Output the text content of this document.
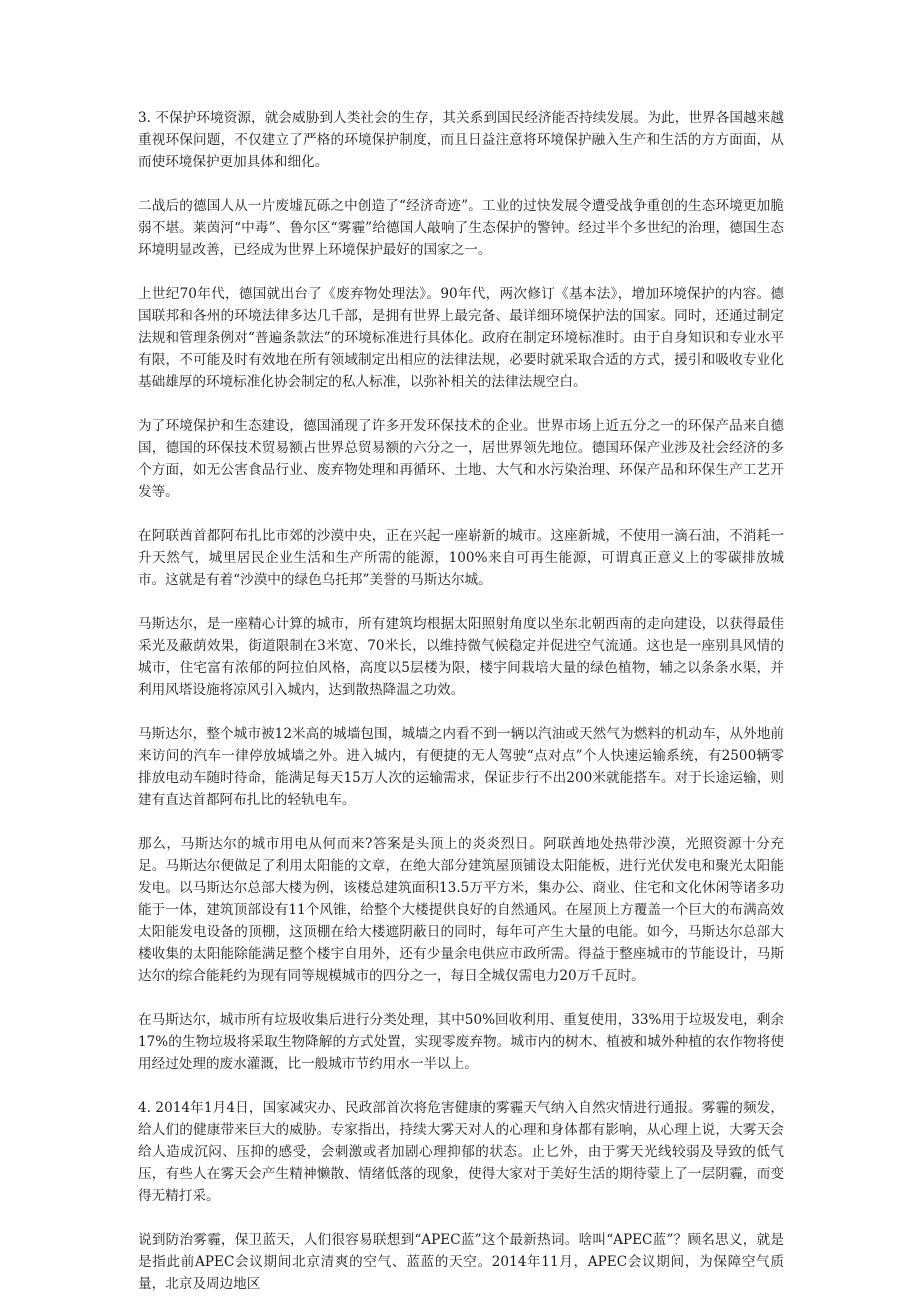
3. 不保护环境资源，就会威胁到人类社会的生存，其关系到国民经济能否持续发展。为此，世界各国越来越重视环保问题，不仅建立了严格的环境保护制度，而且日益注意将环境保护融入生产和生活的方方面面，从而使环境保护更加具体和细化。

二战后的德国人从一片废墟瓦砾之中创造了“经济奇迹”。工业的过快发展令遭受战争重创的生态环境更加脆弱不堪。莱茵河“中毒”、鲁尔区“雾霾”给德国人敲响了生态保护的警钟。经过半个多世纪的治理，德国生态环境明显改善，已经成为世界上环境保护最好的国家之一。

上世纪70年代，德国就出台了《废弃物处理法》。90年代，两次修订《基本法》，增加环境保护的内容。德国联邦和各州的环境法律多达几千部，是拥有世界上最完备、最详细环境保护法的国家。同时，还通过制定法规和管理条例对“普遍条款法”的环境标准进行具体化。政府在制定环境标准时。由于自身知识和专业水平有限，不可能及时有效地在所有领域制定出相应的法律法规，必要时就采取合适的方式，援引和吸收专业化基础雄厚的环境标准化协会制定的私人标准，以弥补相关的法律法规空白。

为了环境保护和生态建设，德国涌现了许多开发环保技术的企业。世界市场上近五分之一的环保产品来自德国，德国的环保技术贸易额占世界总贸易额的六分之一，居世界领先地位。德国环保产业涉及社会经济的多个方面，如无公害食品行业、废弃物处理和再循环、土地、大气和水污染治理、环保产品和环保生产工艺开发等。

在阿联酋首都阿布扎比市郊的沙漠中央，正在兴起一座崭新的城市。这座新城，不使用一滴石油，不消耗一升天然气，城里居民企业生活和生产所需的能源，100%来自可再生能源，可谓真正意义上的零碳排放城市。这就是有着“沙漠中的绿色乌托邦”美誉的马斯达尔城。

马斯达尔，是一座精心计算的城市，所有建筑均根据太阳照射角度以坐东北朝西南的走向建设，以获得最佳采光及蔽荫效果，街道限制在3米宽、70米长，以维持微气候稳定并促进空气流通。这也是一座别具风情的城市，住宅富有浓郁的阿拉伯风格，高度以5层楼为限，楼宇间栽培大量的绿色植物，辅之以条条水渠，并利用风塔设施将凉风引入城内，达到散热降温之功效。

马斯达尔，整个城市被12米高的城墙包围，城墙之内看不到一辆以汽油或天然气为燃料的机动车，从外地前来访问的汽车一律停放城墙之外。进入城内，有便捷的无人驾驶“点对点”个人快速运输系统，有2500辆零排放电动车随时待命，能满足每天15万人次的运输需求，保证步行不出200米就能搭车。对于长途运输，则建有直达首都阿布扎比的轻轨电车。

那么，马斯达尔的城市用电从何而来?答案是头顶上的炎炎烈日。阿联酋地处热带沙漠，光照资源十分充足。马斯达尔便做足了利用太阳能的文章，在绝大部分建筑屋顶铺设太阳能板，进行光伏发电和聚光太阳能发电。以马斯达尔总部大楼为例，该楼总建筑面积13.5万平方米，集办公、商业、住宅和文化休闲等诸多功能于一体，建筑顶部设有11个风锥，给整个大楼提供良好的自然通风。在屋顶上方覆盖一个巨大的布满高效太阳能发电设备的顶棚，这顶棚在给大楼遮阴蔽日的同时，每年可产生大量的电能。如今，马斯达尔总部大楼收集的太阳能除能满足整个楼宇自用外，还有少量余电供应市政所需。得益于整座城市的节能设计，马斯达尔的综合能耗约为现有同等规模城市的四分之一，每日全城仅需电力20万千瓦时。

在马斯达尔，城市所有垃圾收集后进行分类处理，其中50%回收利用、重复使用，33%用于垃圾发电，剩余17%的生物垃圾将采取生物降解的方式处置，实现零废弃物。城市内的树木、植被和城外种植的农作物将使用经过处理的废水灌溉，比一般城市节约用水一半以上。

4. 2014年1月4日，国家减灾办、民政部首次将危害健康的雾霾天气纳入自然灾情进行通报。雾霾的频发，给人们的健康带来巨大的威胁。专家指出，持续大雾天对人的心理和身体都有影响，从心理上说，大雾天会给人造成沉闷、压抑的感受，会刺激或者加剧心理抑郁的状态。止匕外，由于雾天光线较弱及导致的低气压，有些人在雾天会产生精神懒散、情绪低落的现象，使得大家对于美好生活的期待蒙上了一层阴霾，而变得无精打采。

说到防治雾霾，保卫蓝天，人们很容易联想到“APEC蓝”这个最新热词。啥叫“APEC蓝”？顾名思义，就是是指此前APEC会议期间北京清爽的空气、蓝蓝的天空。2014年11月，APEC会议期间，为保障空气质量，北京及周边地区
